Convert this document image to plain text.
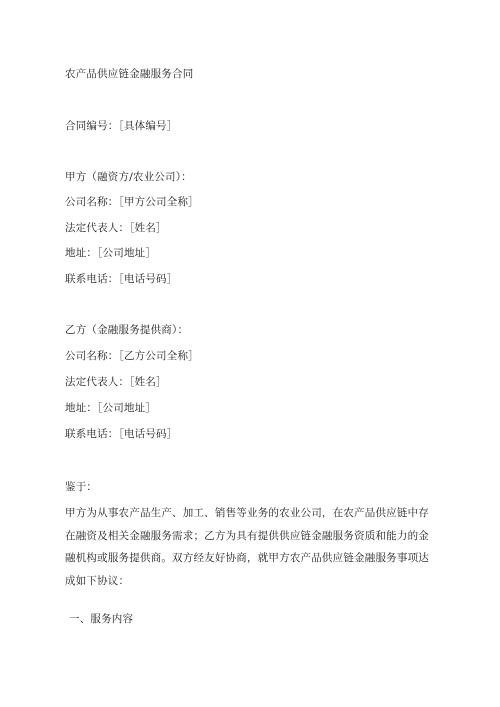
农产品供应链金融服务合同
合同编号：［具体编号］
甲方（融资方/农业公司）：
公司名称：［甲方公司全称］
法定代表人：［姓名］
地址：［公司地址］
联系电话：［电话号码］
乙方（金融服务提供商）：
公司名称：［乙方公司全称］
法定代表人：［姓名］
地址：［公司地址］
联系电话：［电话号码］
鉴于：
甲方为从事农产品生产、加工、销售等业务的农业公司，在农产品供应链中存在融资及相关金融服务需求；乙方为具有提供供应链金融服务资质和能力的金融机构或服务提供商。双方经友好协商，就甲方农产品供应链金融服务事项达成如下协议：
一、服务内容
